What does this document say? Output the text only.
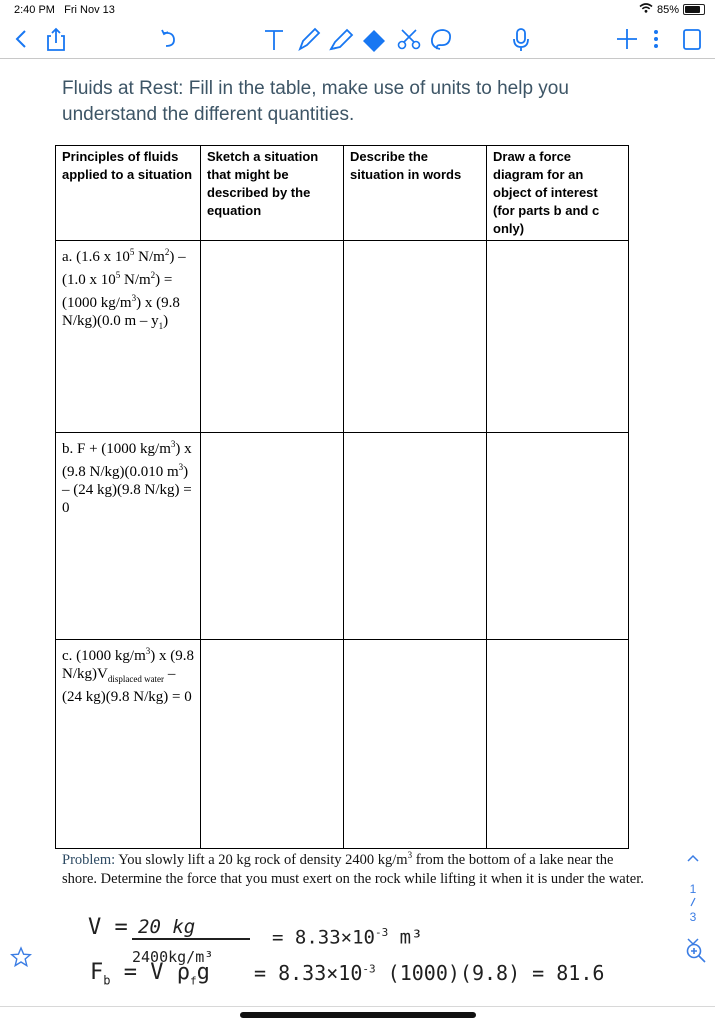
2:40 PM Fri Nov 13	85%
Fluids at Rest: Fill in the table, make use of units to help you understand the different quantities.
Principles of fluids applied to a situation	Sketch a situation that might be described by the equation	Describe the situation in words	Draw a force diagram for an object of interest (for parts b and c only)
a. (1.6 x $10^5$ $N/m^2) - (1.0$ x $10^5$ $N/m^2) = (1000$ $kg/m^3$) x (9.8 N/kg)(0.0 m – $y_1$)			
b. F + (1000 $kg/m^3$) x (9.8 N/kg)(0.010 $m^3) - (24$ kg)(9.8 N/kg) = 0			
c. (1000 $kg/m^3$) x (9.8 $N/kg)V_{displaced water} - (24$ kg)(9.8 N/kg) = 0			
Problem: You slowly lift a 20 kg rock of density 2400 $kg/m^3$ from the bottom of a lake near the shore. Determine the force that you must exert on the rock while lifting it when it is under the water.
V = 20 kg
2400kg/m³
= $8.33\times 10^{-3}$ m³
$F_b = V$ $\rho_fg = 8.33\times 10^{-3}$ (1000)(9.8) = 81.6
1
3
